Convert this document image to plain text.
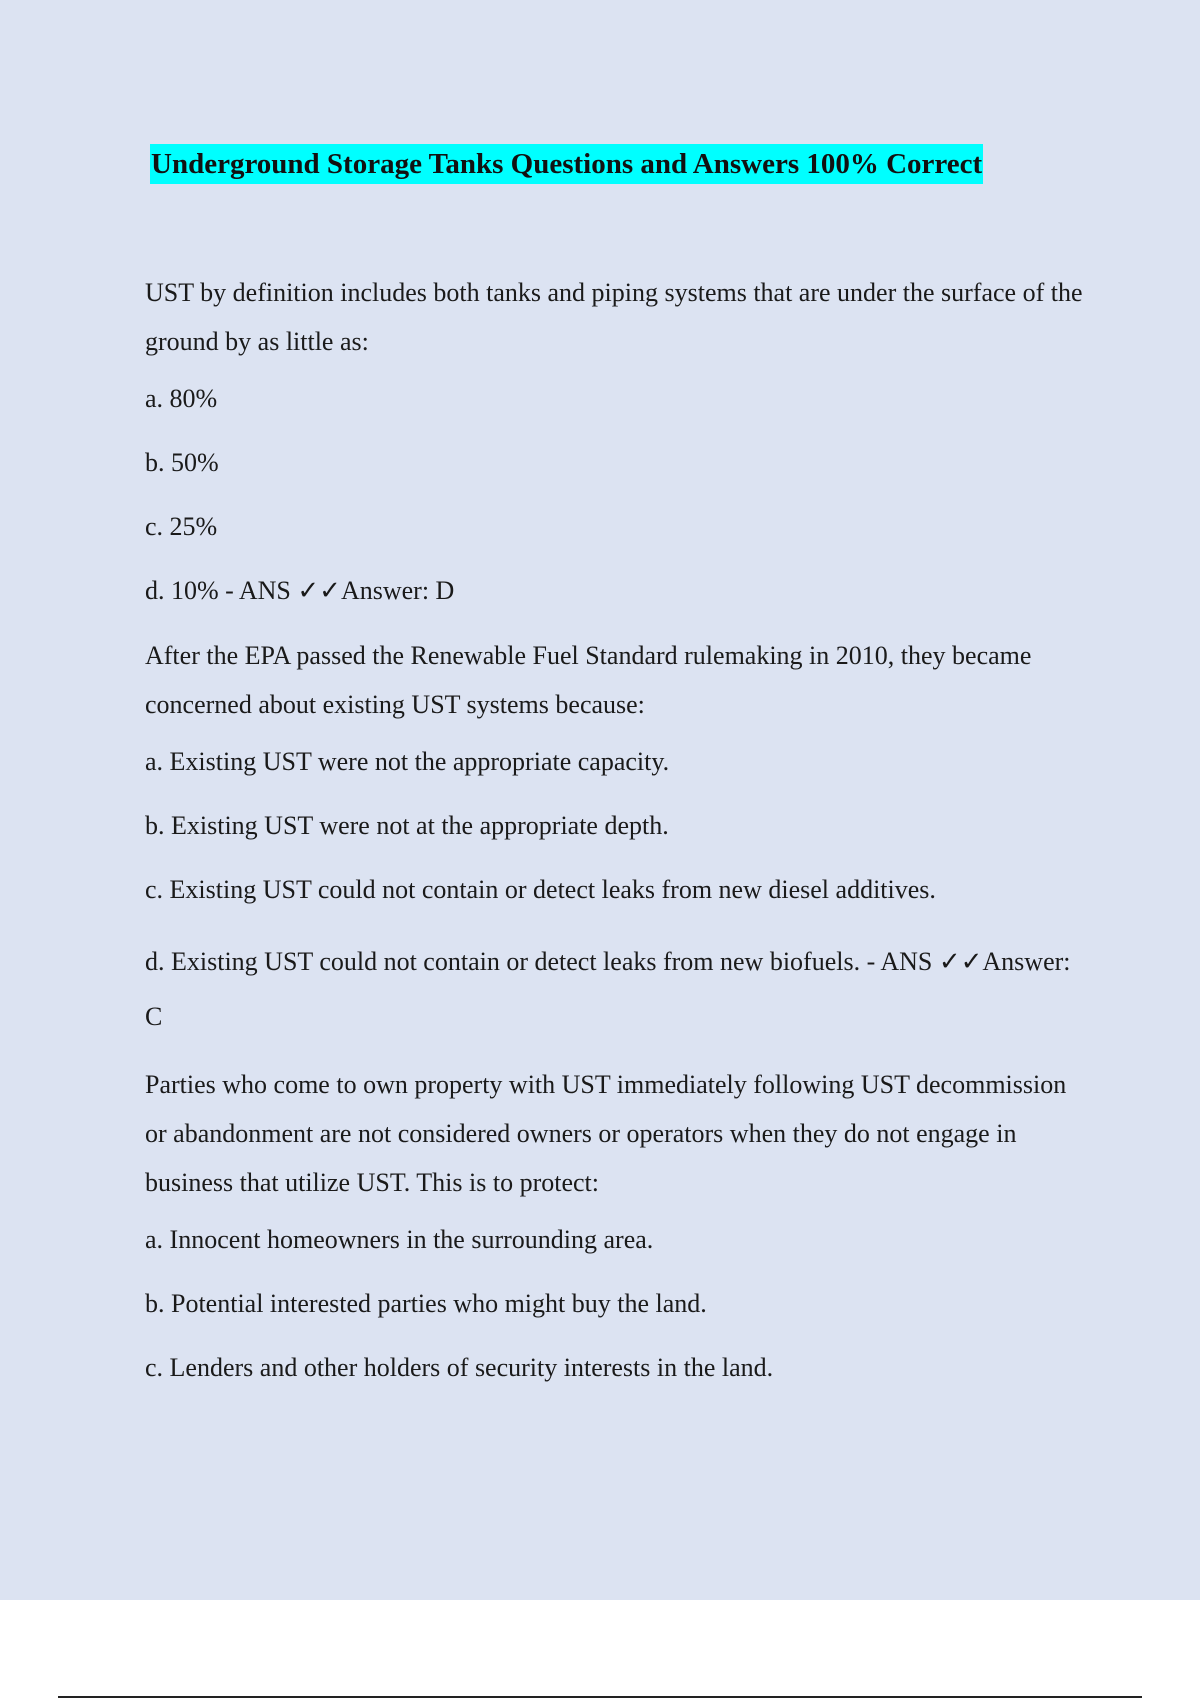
Underground Storage Tanks Questions and Answers 100% Correct
UST by definition includes both tanks and piping systems that are under the surface of the ground by as little as:
a. 80%
b. 50%
c. 25%
d. 10% - ANS ✓✓Answer: D
After the EPA passed the Renewable Fuel Standard rulemaking in 2010, they became concerned about existing UST systems because:
a. Existing UST were not the appropriate capacity.
b. Existing UST were not at the appropriate depth.
c. Existing UST could not contain or detect leaks from new diesel additives.
d. Existing UST could not contain or detect leaks from new biofuels. - ANS ✓✓Answer: C
Parties who come to own property with UST immediately following UST decommission or abandonment are not considered owners or operators when they do not engage in business that utilize UST. This is to protect:
a. Innocent homeowners in the surrounding area.
b. Potential interested parties who might buy the land.
c. Lenders and other holders of security interests in the land.
